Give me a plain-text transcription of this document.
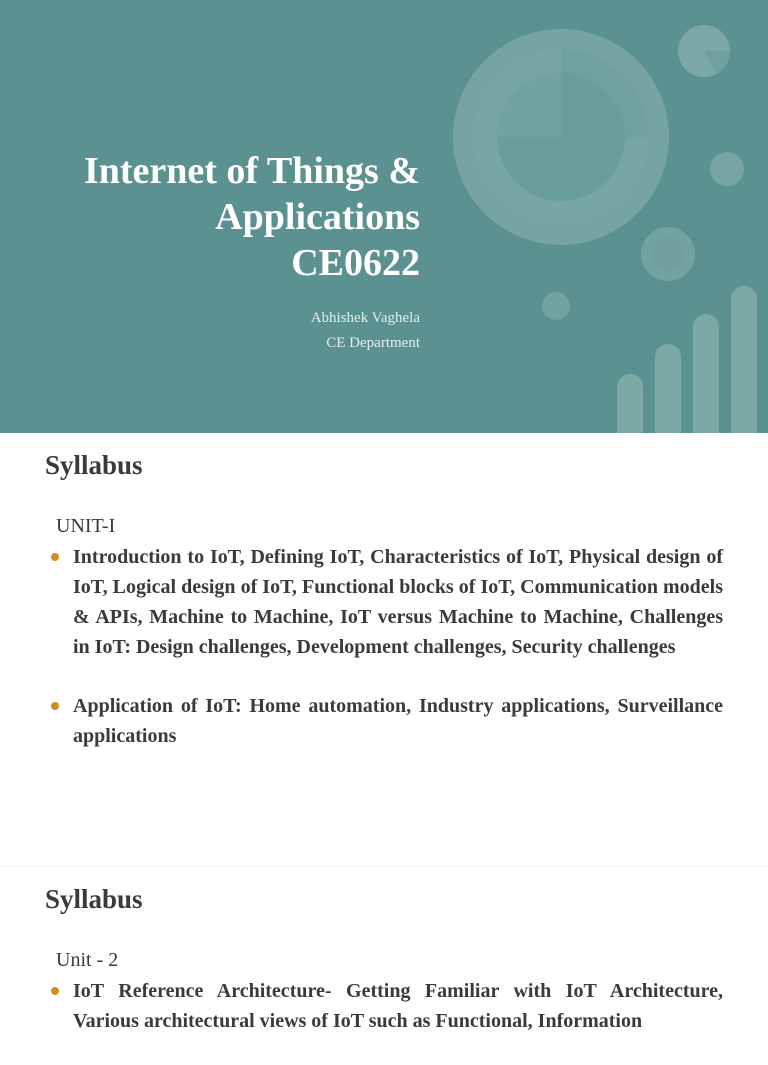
Internet of Things &
Applications
CE0622
Abhishek Vaghela
CE Department
Syllabus
UNIT-I
Introduction to IoT, Defining IoT, Characteristics of IoT, Physical design of IoT, Logical design of IoT, Functional blocks of IoT, Communication models & APIs, Machine to Machine, IoT versus Machine to Machine, Challenges in IoT: Design challenges, Development challenges, Security challenges
Application of IoT: Home automation, Industry applications, Surveillance applications
Syllabus
Unit - 2
IoT Reference Architecture- Getting Familiar with IoT Architecture, Various architectural views of IoT such as Functional, Information
